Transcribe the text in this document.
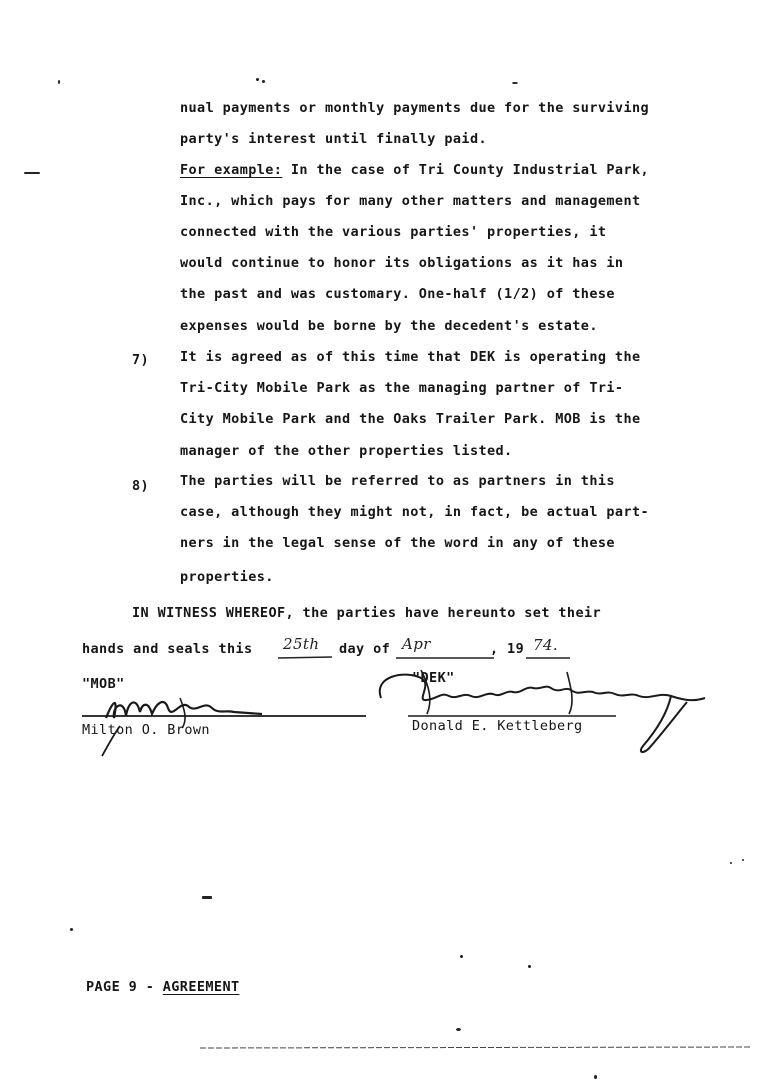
nual payments or monthly payments due for the surviving
party's interest until finally paid.
For example: In the case of Tri County Industrial Park,
Inc., which pays for many other matters and management
connected with the various parties' properties, it
would continue to honor its obligations as it has in
the past and was customary. One-half (1/2) of these
expenses would be borne by the decedent's estate.
7) It is agreed as of this time that DEK is operating the
Tri-City Mobile Park as the managing partner of Tri-
City Mobile Park and the Oaks Trailer Park. MOB is the
manager of the other properties listed.
8) The parties will be referred to as partners in this
case, although they might not, in fact, be actual part-
ners in the legal sense of the word in any of these
properties.
IN WITNESS WHEREOF, the parties have hereunto set their
hands and seals this 25th day of Apr	, 19 74.
"MOB"
Milton O. Brown
"DEK"
Donald E. Kettleberg
PAGE 9 - AGREEMENT
